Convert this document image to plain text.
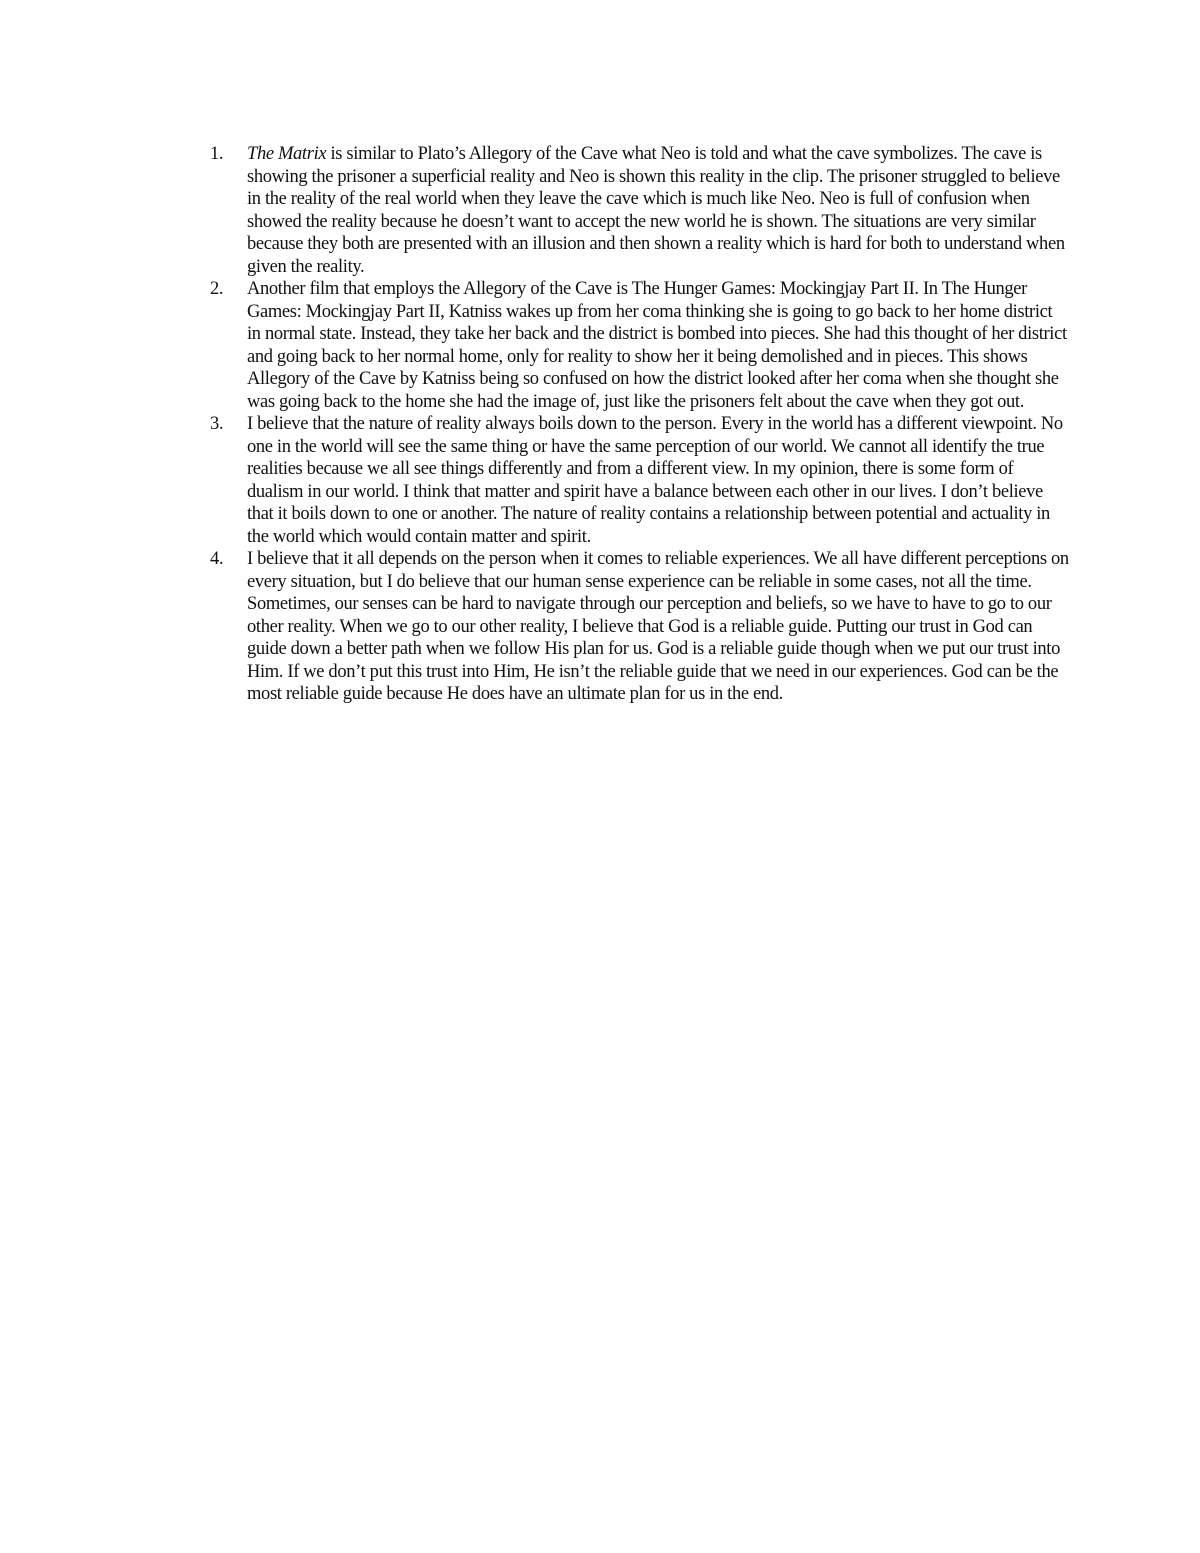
1. The Matrix is similar to Plato’s Allegory of the Cave what Neo is told and what the cave symbolizes. The cave is showing the prisoner a superficial reality and Neo is shown this reality in the clip. The prisoner struggled to believe in the reality of the real world when they leave the cave which is much like Neo. Neo is full of confusion when showed the reality because he doesn’t want to accept the new world he is shown. The situations are very similar because they both are presented with an illusion and then shown a reality which is hard for both to understand when given the reality.
2. Another film that employs the Allegory of the Cave is The Hunger Games: Mockingjay Part II. In The Hunger Games: Mockingjay Part II, Katniss wakes up from her coma thinking she is going to go back to her home district in normal state. Instead, they take her back and the district is bombed into pieces. She had this thought of her district and going back to her normal home, only for reality to show her it being demolished and in pieces. This shows Allegory of the Cave by Katniss being so confused on how the district looked after her coma when she thought she was going back to the home she had the image of, just like the prisoners felt about the cave when they got out.
3. I believe that the nature of reality always boils down to the person. Every in the world has a different viewpoint. No one in the world will see the same thing or have the same perception of our world. We cannot all identify the true realities because we all see things differently and from a different view. In my opinion, there is some form of dualism in our world. I think that matter and spirit have a balance between each other in our lives. I don’t believe that it boils down to one or another. The nature of reality contains a relationship between potential and actuality in the world which would contain matter and spirit.
4. I believe that it all depends on the person when it comes to reliable experiences. We all have different perceptions on every situation, but I do believe that our human sense experience can be reliable in some cases, not all the time. Sometimes, our senses can be hard to navigate through our perception and beliefs, so we have to have to go to our other reality. When we go to our other reality, I believe that God is a reliable guide. Putting our trust in God can guide down a better path when we follow His plan for us. God is a reliable guide though when we put our trust into Him. If we don’t put this trust into Him, He isn’t the reliable guide that we need in our experiences. God can be the most reliable guide because He does have an ultimate plan for us in the end.
